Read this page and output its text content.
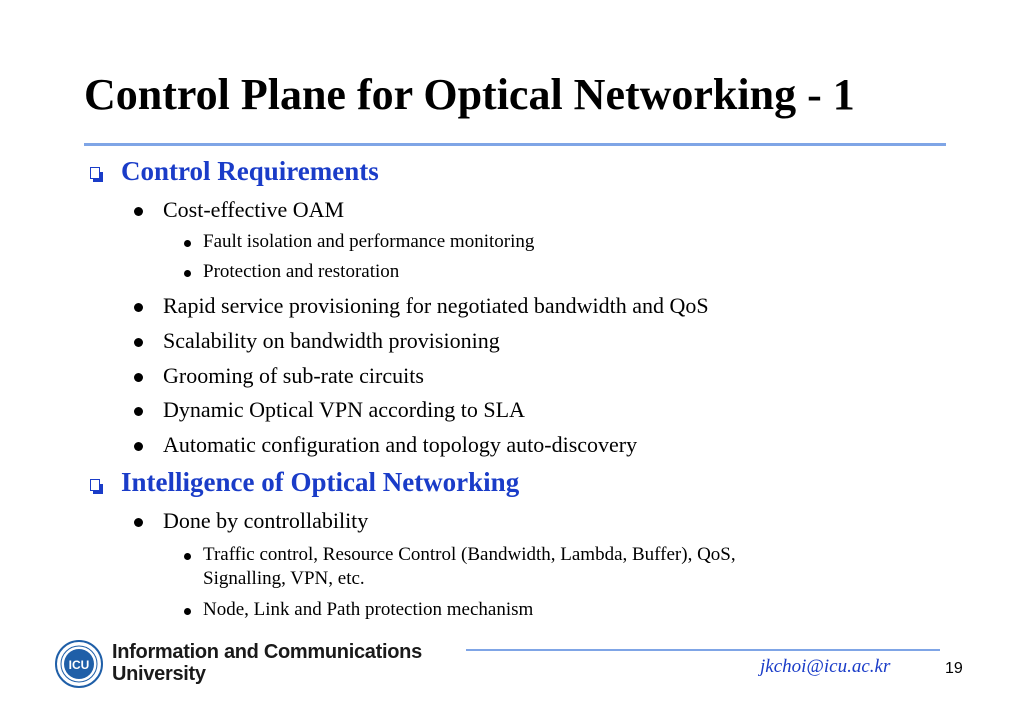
Control Plane for Optical Networking - 1
Control Requirements
Cost-effective OAM
Fault isolation and performance monitoring
Protection and restoration
Rapid service provisioning for negotiated bandwidth and QoS
Scalability on bandwidth provisioning
Grooming of sub-rate circuits
Dynamic Optical VPN according to SLA
Automatic configuration and topology auto-discovery
Intelligence of Optical Networking
Done by controllability
Traffic control, Resource Control (Bandwidth, Lambda, Buffer), QoS,
Signalling, VPN, etc.
Node, Link and Path protection mechanism
ICU
Information and Communications
University	jkchoi@icu.ac.kr	19
